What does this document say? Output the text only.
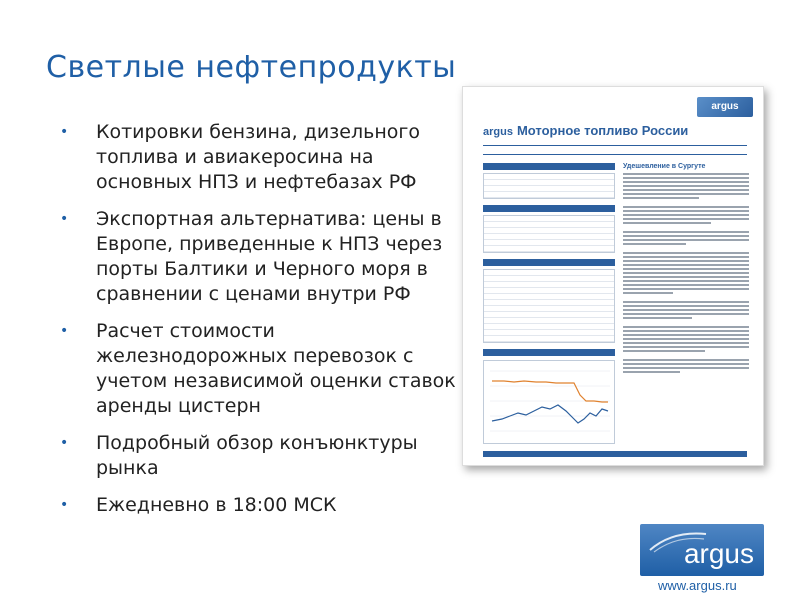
Светлые нефтепродукты
• Котировки бензина, дизельного топлива и авиакеросина на основных НПЗ и нефтебазах РФ
• Экспортная альтернатива: цены в Европе, приведенные к НПЗ через порты Балтики и Черного моря в сравнении с ценами внутри РФ
• Расчет стоимости железнодорожных перевозок с учетом независимой оценки ставок аренды цистерн
• Подробный обзор конъюнктуры рынка
• Ежедневно в 18:00 МСК
argus
argus Моторное топливо России
Удешевление в Сургуте
argus
www.argus.ru
